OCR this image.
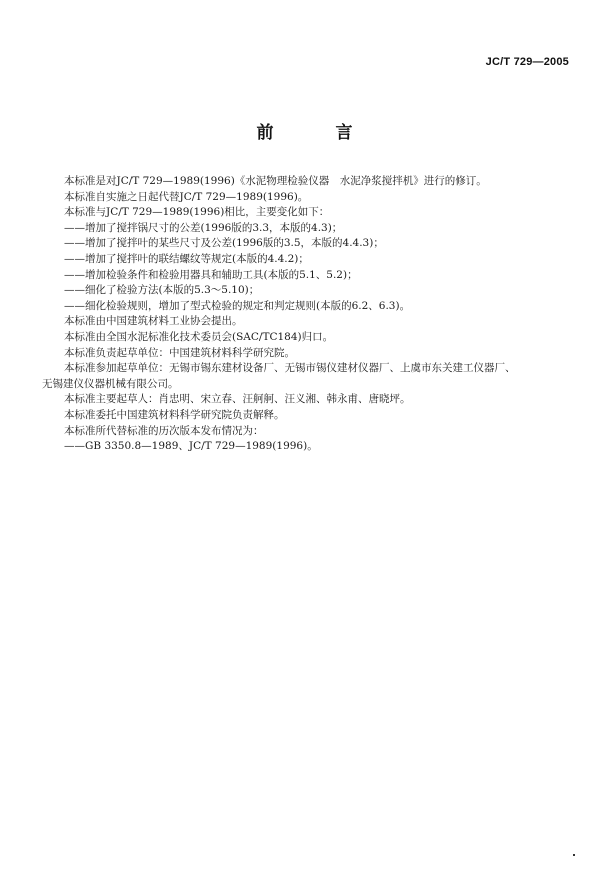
JC/T 729—2005
前 言
本标准是对JC/T 729—1989(1996)《水泥物理检验仪器　水泥净浆搅拌机》进行的修订。
本标准自实施之日起代替JC/T 729—1989(1996)。
本标准与JC/T 729—1989(1996)相比，主要变化如下：
——增加了搅拌锅尺寸的公差(1996版的3.3，本版的4.3)；
——增加了搅拌叶的某些尺寸及公差(1996版的3.5，本版的4.4.3)；
——增加了搅拌叶的联结螺纹等规定(本版的4.4.2)；
——增加检验条件和检验用器具和辅助工具(本版的5.1、5.2)；
——细化了检验方法(本版的5.3～5.10)；
——细化检验规则，增加了型式检验的规定和判定规则(本版的6.2、6.3)。
本标准由中国建筑材料工业协会提出。
本标准由全国水泥标准化技术委员会(SAC/TC184)归口。
本标准负责起草单位：中国建筑材料科学研究院。
本标准参加起草单位：无锡市锡东建材设备厂、无锡市锡仪建材仪器厂、上虞市东关建工仪器厂、
无锡建仪仪器机械有限公司。
本标准主要起草人：肖忠明、宋立春、汪舸舸、汪义湘、韩永甫、唐晓坪。
本标准委托中国建筑材料科学研究院负责解释。
本标准所代替标准的历次版本发布情况为：
——GB 3350.8—1989、JC/T 729—1989(1996)。
